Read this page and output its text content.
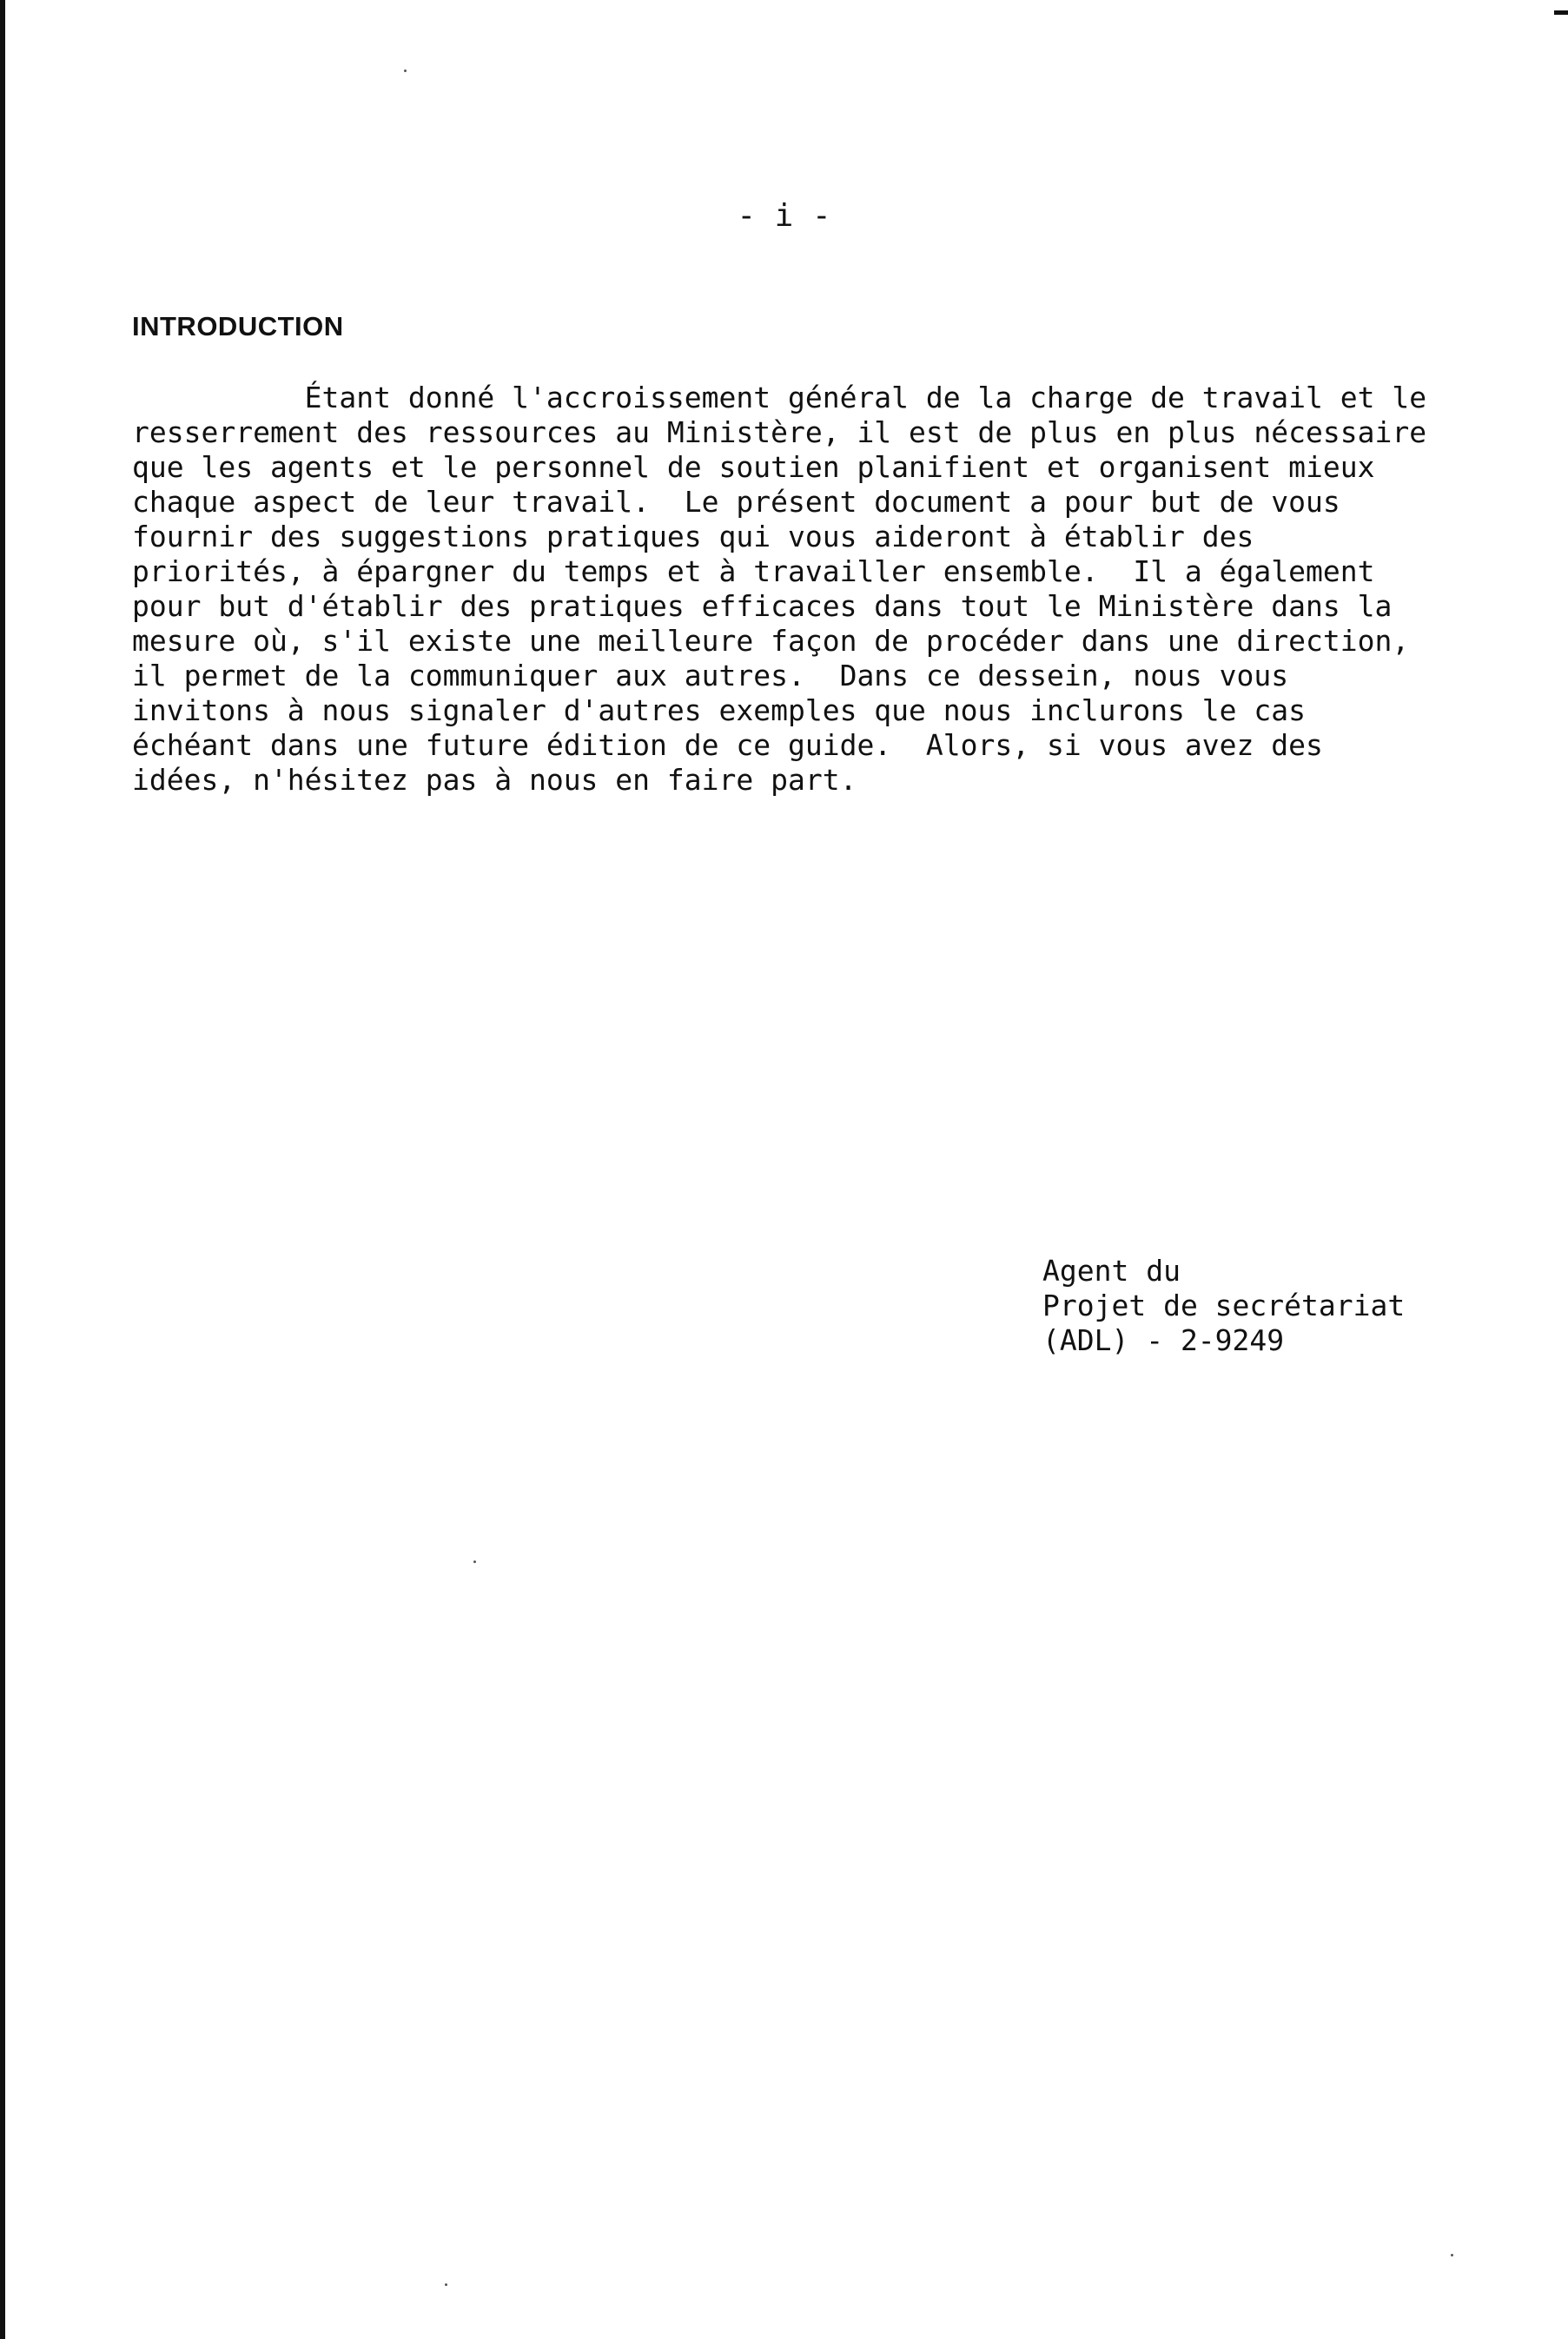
- i -

INTRODUCTION
Étant donné l'accroissement général de la charge de travail et le
resserrement des ressources au Ministère, il est de plus en plus nécessaire
que les agents et le personnel de soutien planifient et organisent mieux
chaque aspect de leur travail.  Le présent document a pour but de vous
fournir des suggestions pratiques qui vous aideront à établir des
priorités, à épargner du temps et à travailler ensemble.  Il a également
pour but d'établir des pratiques efficaces dans tout le Ministère dans la
mesure où, s'il existe une meilleure façon de procéder dans une direction,
il permet de la communiquer aux autres.  Dans ce dessein, nous vous
invitons à nous signaler d'autres exemples que nous inclurons le cas
échéant dans une future édition de ce guide.  Alors, si vous avez des
idées, n'hésitez pas à nous en faire part.
Agent du
Projet de secrétariat
(ADL) - 2-9249
